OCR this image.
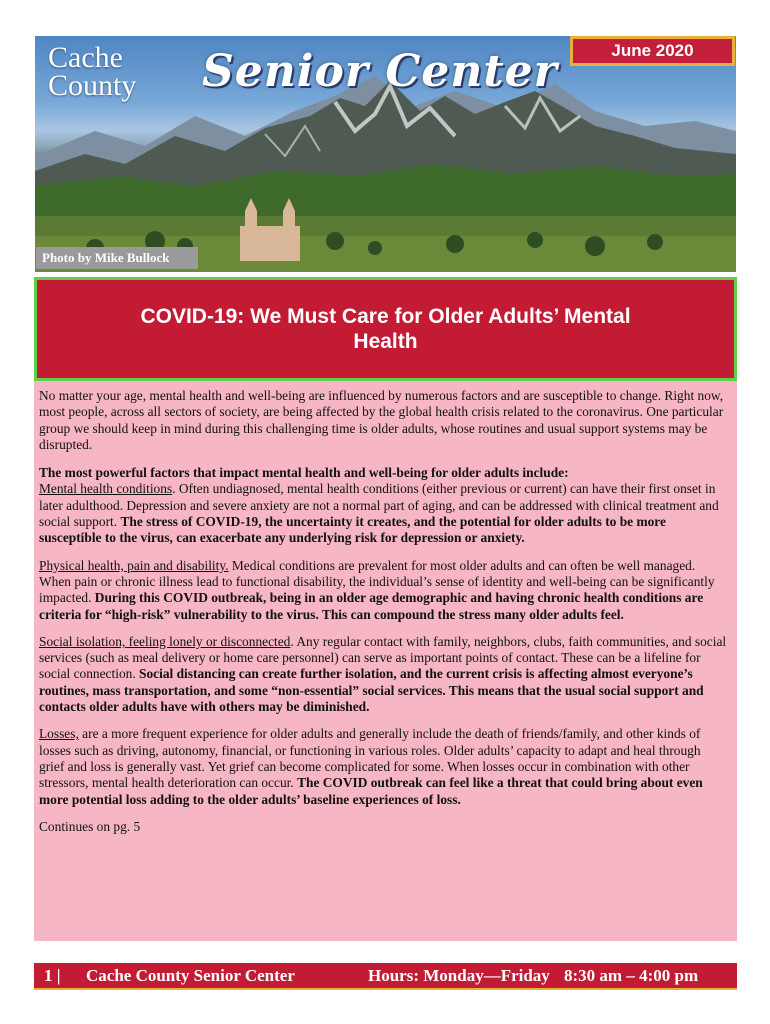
Cache
County Senior Center	June 2020
Photo by Mike Bullock
COVID-19: We Must Care for Older Adults’ Mental Health

No matter your age, mental health and well-being are influenced by numerous factors and are susceptible to change. Right now, most people, across all sectors of society, are being affected by the global health crisis related to the coronavirus. One particular group we should keep in mind during this challenging time is older adults, whose routines and usual support systems may be disrupted.

The most powerful factors that impact mental health and well-being for older adults include:
Mental health conditions. Often undiagnosed, mental health conditions (either previous or current) can have their first onset in later adulthood. Depression and severe anxiety are not a normal part of aging, and can be addressed with clinical treatment and social support. The stress of COVID-19, the uncertainty it creates, and the potential for older adults to be more susceptible to the virus, can exacerbate any underlying risk for depression or anxiety.

Physical health, pain and disability. Medical conditions are prevalent for most older adults and can often be well managed. When pain or chronic illness lead to functional disability, the individual’s sense of identity and well-being can be significantly impacted. During this COVID outbreak, being in an older age demographic and having chronic health conditions are criteria for “high-risk” vulnerability to the virus. This can compound the stress many older adults feel.

Social isolation, feeling lonely or disconnected. Any regular contact with family, neighbors, clubs, faith communities, and social services (such as meal delivery or home care personnel) can serve as important points of contact. These can be a lifeline for social connection. Social distancing can create further isolation, and the current crisis is affecting almost everyone’s routines, mass transportation, and some “non-essential” social services. This means that the usual social support and contacts older adults have with others may be diminished.

Losses, are a more frequent experience for older adults and generally include the death of friends/family, and other kinds of losses such as driving, autonomy, financial, or functioning in various roles. Older adults’ capacity to adapt and heal through grief and loss is generally vast. Yet grief can become complicated for some. When losses occur in combination with other stressors, mental health deterioration can occur. The COVID outbreak can feel like a threat that could bring about even more potential loss adding to the older adults’ baseline experiences of loss.

Continues on pg. 5

1 | Cache County Senior Center	Hours: Monday—Friday 8:30 am – 4:00 pm
